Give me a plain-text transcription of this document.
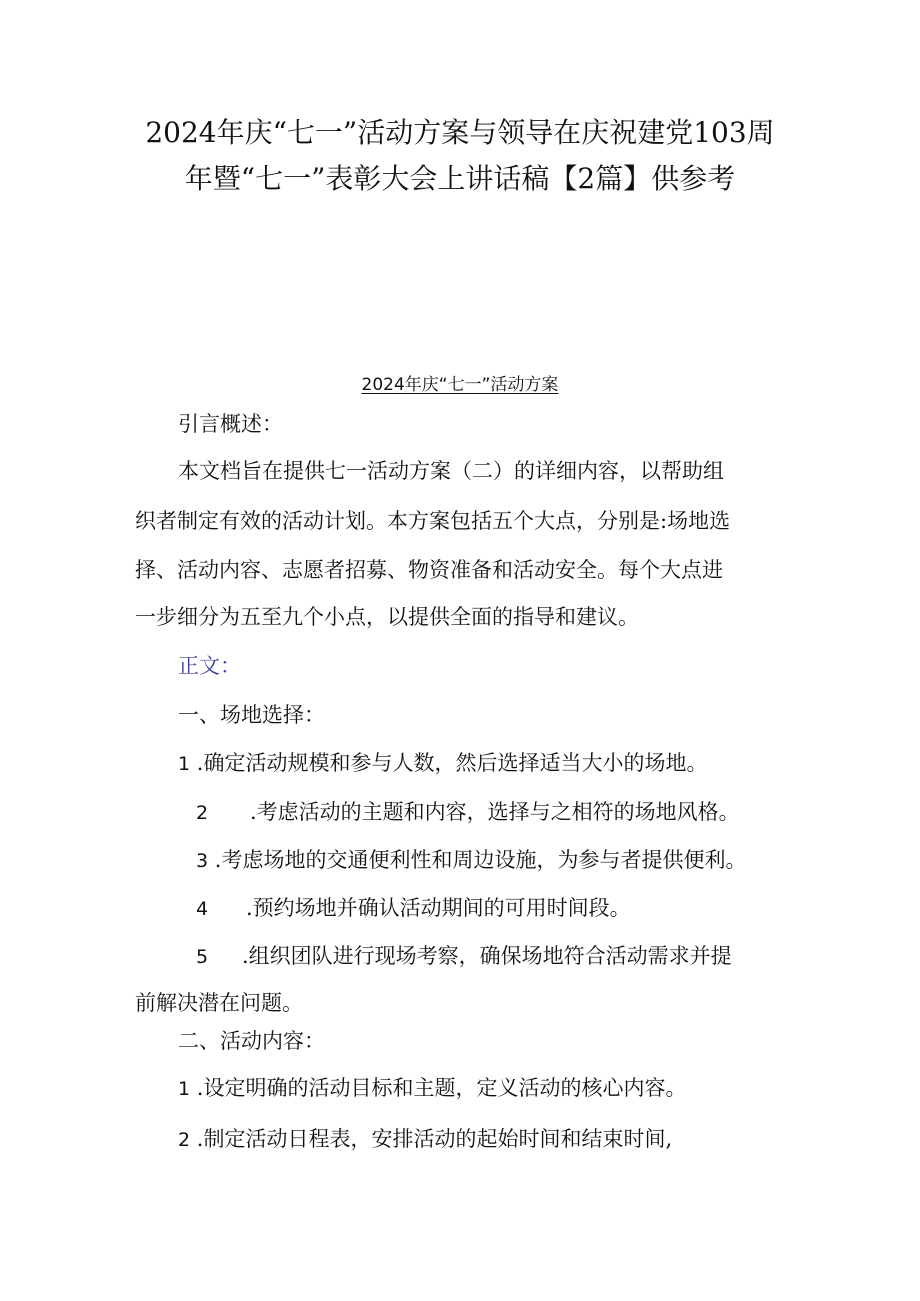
2024年庆“七一”活动方案与领导在庆祝建党103周
年暨“七一”表彰大会上讲话稿【2篇】供参考
2024年庆“七一”活动方案
引言概述：
本文档旨在提供七一活动方案（二）的详细内容，以帮助组
织者制定有效的活动计划。本方案包括五个大点，分别是:场地选
择、活动内容、志愿者招募、物资准备和活动安全。每个大点进
一步细分为五至九个小点，以提供全面的指导和建议。
正文：
一、场地选择：
1 .确定活动规模和参与人数，然后选择适当大小的场地。
2 .考虑活动的主题和内容，选择与之相符的场地风格。
3 .考虑场地的交通便利性和周边设施，为参与者提供便利。
4 .预约场地并确认活动期间的可用时间段。
5 .组织团队进行现场考察，确保场地符合活动需求并提
前解决潜在问题。
二、活动内容：
1 .设定明确的活动目标和主题，定义活动的核心内容。
2 .制定活动日程表，安排活动的起始时间和结束时间,
